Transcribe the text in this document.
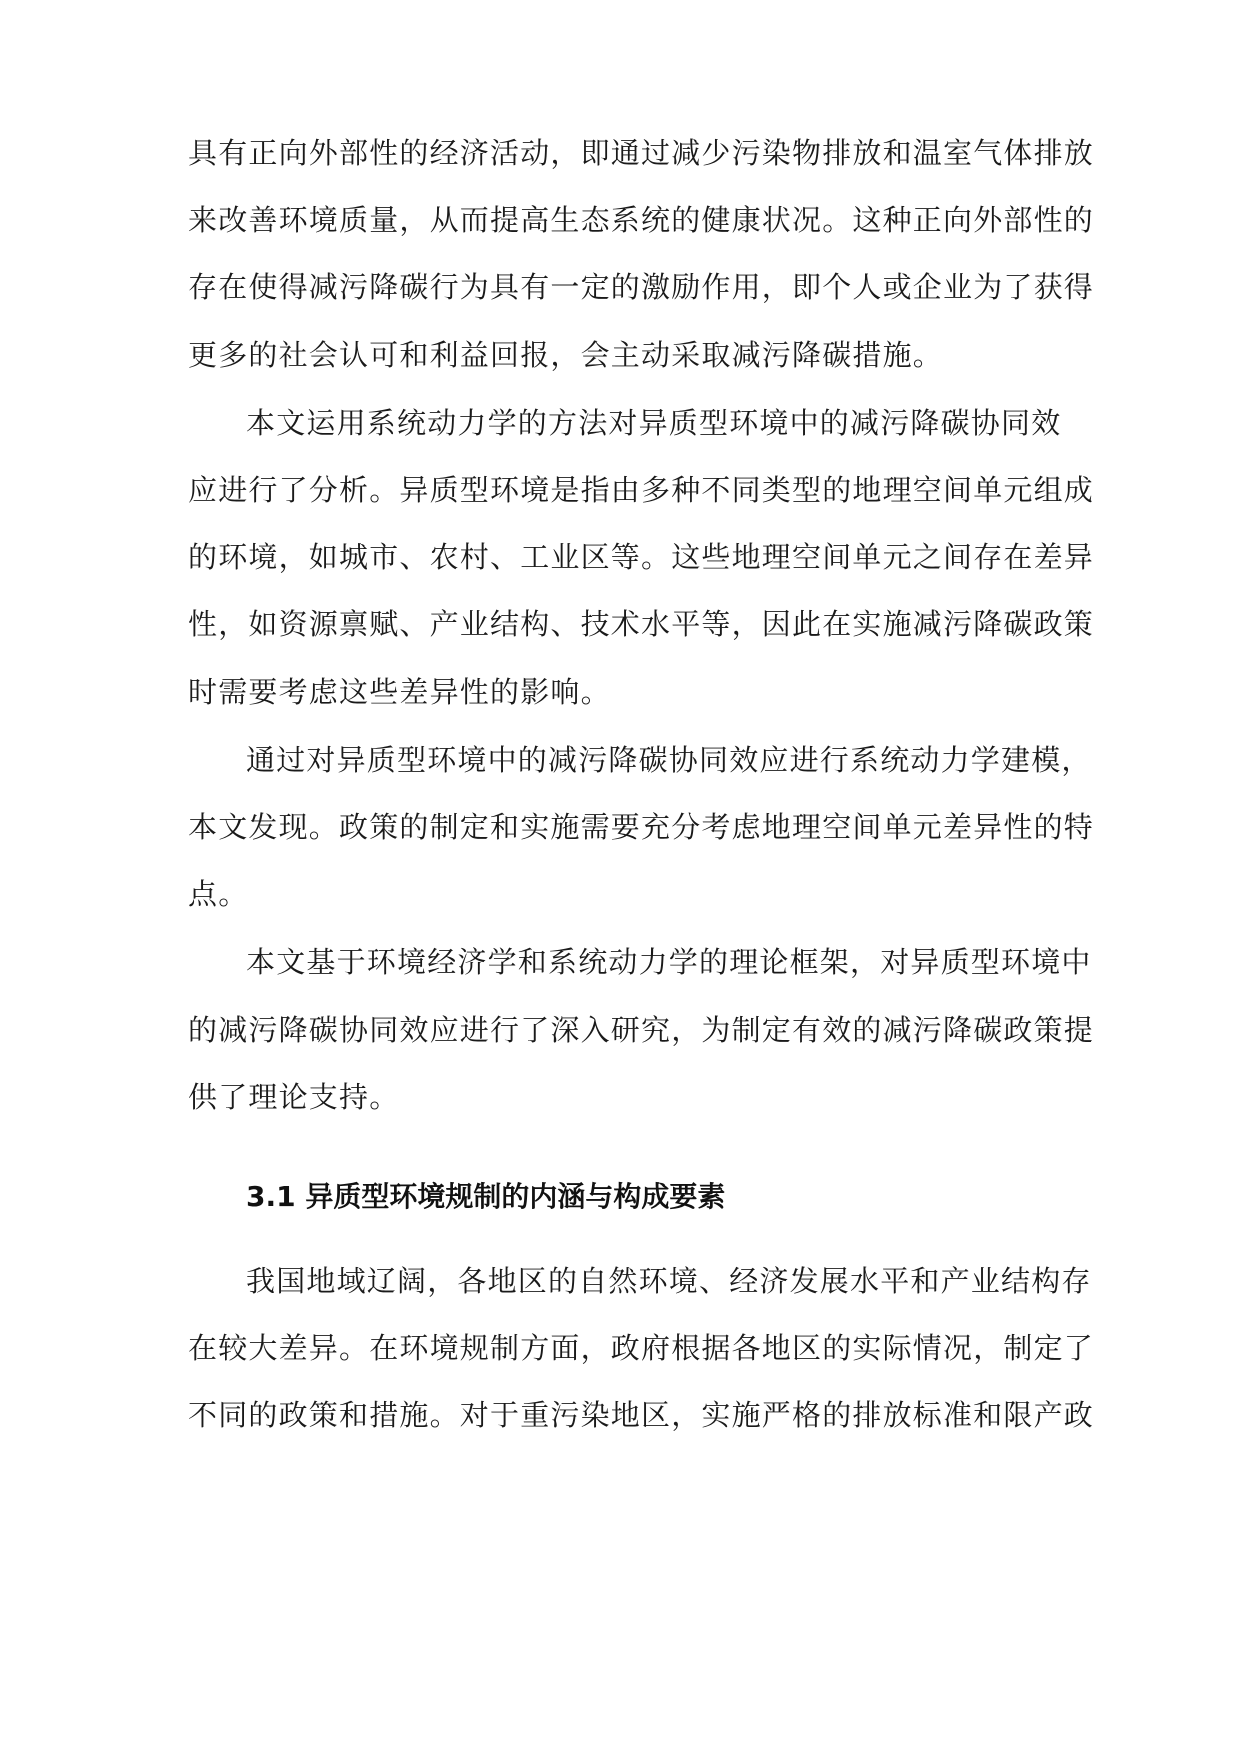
具有正向外部性的经济活动，即通过减少污染物排放和温室气体排放
来改善环境质量，从而提高生态系统的健康状况。这种正向外部性的
存在使得减污降碳行为具有一定的激励作用，即个人或企业为了获得
更多的社会认可和利益回报，会主动采取减污降碳措施。
本文运用系统动力学的方法对异质型环境中的减污降碳协同效
应进行了分析。异质型环境是指由多种不同类型的地理空间单元组成
的环境，如城市、农村、工业区等。这些地理空间单元之间存在差异
性，如资源禀赋、产业结构、技术水平等，因此在实施减污降碳政策
时需要考虑这些差异性的影响。
通过对异质型环境中的减污降碳协同效应进行系统动力学建模，
本文发现。政策的制定和实施需要充分考虑地理空间单元差异性的特
点。
本文基于环境经济学和系统动力学的理论框架，对异质型环境中
的减污降碳协同效应进行了深入研究，为制定有效的减污降碳政策提
供了理论支持。
3.1 异质型环境规制的内涵与构成要素
我国地域辽阔，各地区的自然环境、经济发展水平和产业结构存
在较大差异。在环境规制方面，政府根据各地区的实际情况，制定了
不同的政策和措施。对于重污染地区，实施严格的排放标准和限产政
